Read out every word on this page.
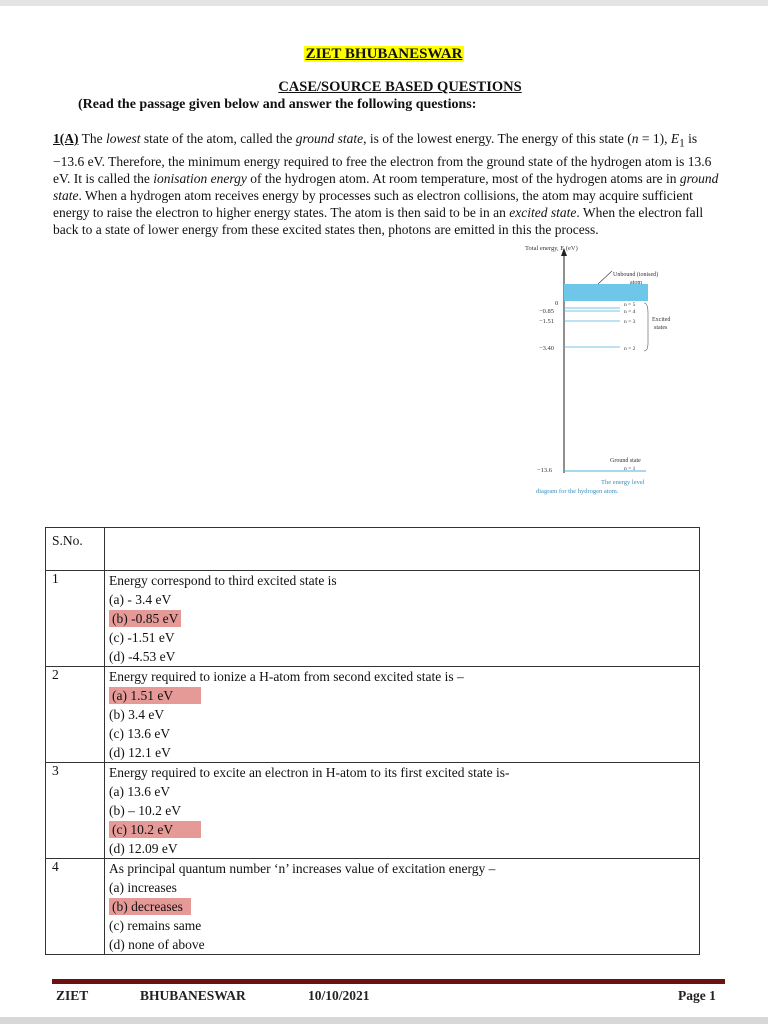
ZIET BHUBANESWAR
CASE/SOURCE BASED QUESTIONS
(Read the passage given below and answer the following questions:
1(A) The lowest state of the atom, called the ground state, is of the lowest energy. The energy of this state (n = 1), $E_1$ is −13.6 eV. Therefore, the minimum energy required to free the electron from the ground state of the hydrogen atom is 13.6 eV. It is called the ionisation energy of the hydrogen atom. At room temperature, most of the hydrogen atoms are in ground state. When a hydrogen atom receives energy by processes such as electron collisions, the atom may acquire sufficient energy to raise the electron to higher energy states. The atom is then said to be in an excited state. When the electron fall back to a state of lower energy from these excited states then, photons are emitted in this the process.
Total energy, E (eV)
Unbound (ionised)
atom
0
−0.85
−1.51
−3.40
−13.6
n = 5
n = 4
n = 3
n = 2
n = 1
Excited
states
Ground state
The energy level
diagram for the hydrogen atom.
S.No.	
1	Energy correspond to third excited state is
(a) - 3.4 eV
(b) -0.85 eV
(c) -1.51 eV
(d) -4.53 eV

2	Energy required to ionize a H-atom from second excited state is –
(a) 1.51 eV
(b) 3.4 eV
(c) 13.6 eV
(d) 12.1 eV

3	Energy required to excite an electron in H-atom to its first excited state is-
(a) 13.6 eV
(b) – 10.2 eV
(c) 10.2 eV
(d) 12.09 eV

4	As principal quantum number ‘n’ increases value of excitation energy –
(a) increases
(b) decreases
(c) remains same
(d) none of above
ZIET	BHUBANESWAR	10/10/2021	Page 1
